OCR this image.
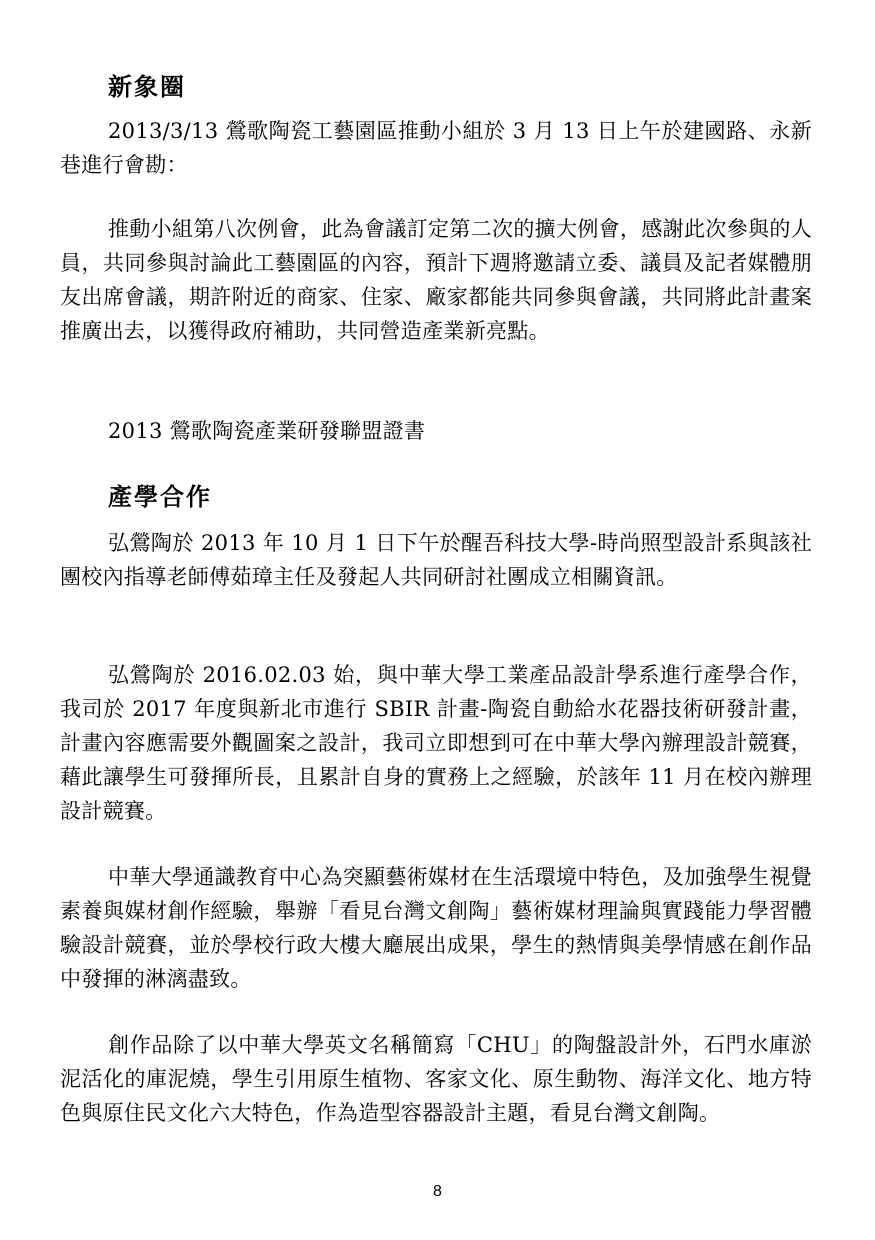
新象圈

2013/3/13 鶯歌陶瓷工藝園區推動小組於 3 月 13 日上午於建國路、永新巷進行會勘：

推動小組第八次例會，此為會議訂定第二次的擴大例會，感謝此次參與的人員，共同參與討論此工藝園區的內容，預計下週將邀請立委、議員及記者媒體朋友出席會議，期許附近的商家、住家、廠家都能共同參與會議，共同將此計畫案推廣出去，以獲得政府補助，共同營造產業新亮點。

2013 鶯歌陶瓷產業研發聯盟證書

產學合作

弘鶯陶於 2013 年 10 月 1 日下午於醒吾科技大學-時尚照型設計系與該社團校內指導老師傅茹璋主任及發起人共同研討社團成立相關資訊。

弘鶯陶於 2016.02.03 始，與中華大學工業產品設計學系進行產學合作，我司於 2017 年度與新北市進行 SBIR 計畫-陶瓷自動給水花器技術研發計畫，計畫內容應需要外觀圖案之設計，我司立即想到可在中華大學內辦理設計競賽，藉此讓學生可發揮所長，且累計自身的實務上之經驗，於該年 11 月在校內辦理設計競賽。

中華大學通識教育中心為突顯藝術媒材在生活環境中特色，及加強學生視覺素養與媒材創作經驗，舉辦「看見台灣文創陶」藝術媒材理論與實踐能力學習體驗設計競賽，並於學校行政大樓大廳展出成果，學生的熱情與美學情感在創作品中發揮的淋漓盡致。

創作品除了以中華大學英文名稱簡寫「CHU」的陶盤設計外，石門水庫淤泥活化的庫泥燒，學生引用原生植物、客家文化、原生動物、海洋文化、地方特色與原住民文化六大特色，作為造型容器設計主題，看見台灣文創陶。

8
